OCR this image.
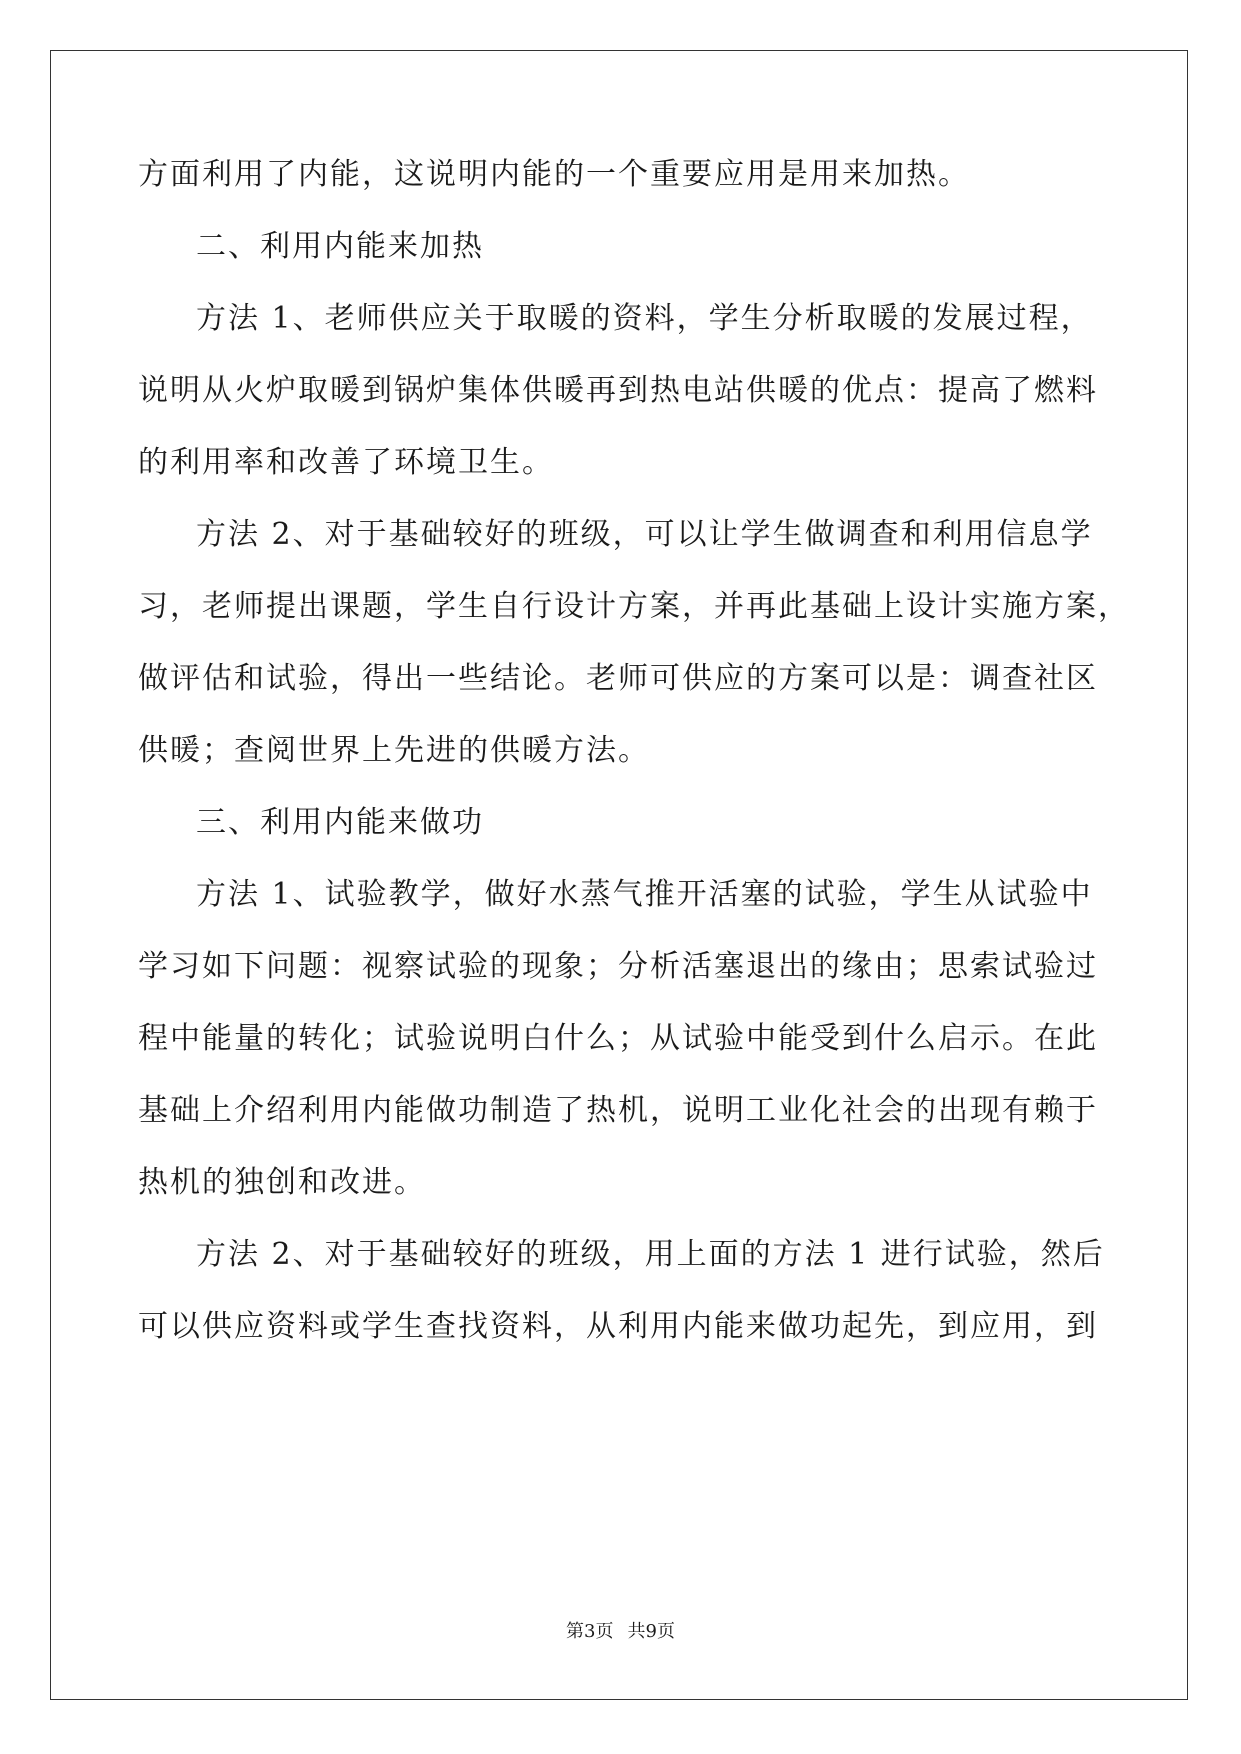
方面利用了内能，这说明内能的一个重要应用是用来加热。

二、利用内能来加热

方法 1、老师供应关于取暖的资料，学生分析取暖的发展过程，

说明从火炉取暖到锅炉集体供暖再到热电站供暖的优点：提高了燃料

的利用率和改善了环境卫生。

方法 2、对于基础较好的班级，可以让学生做调查和利用信息学

习，老师提出课题，学生自行设计方案，并再此基础上设计实施方案，

做评估和试验，得出一些结论。老师可供应的方案可以是：调查社区

供暖；查阅世界上先进的供暖方法。

三、利用内能来做功

方法 1、试验教学，做好水蒸气推开活塞的试验，学生从试验中

学习如下问题：视察试验的现象；分析活塞退出的缘由；思索试验过

程中能量的转化；试验说明白什么；从试验中能受到什么启示。在此

基础上介绍利用内能做功制造了热机，说明工业化社会的出现有赖于

热机的独创和改进。

方法 2、对于基础较好的班级，用上面的方法 1 进行试验，然后

可以供应资料或学生查找资料，从利用内能来做功起先，到应用，到

第3页 共9页
